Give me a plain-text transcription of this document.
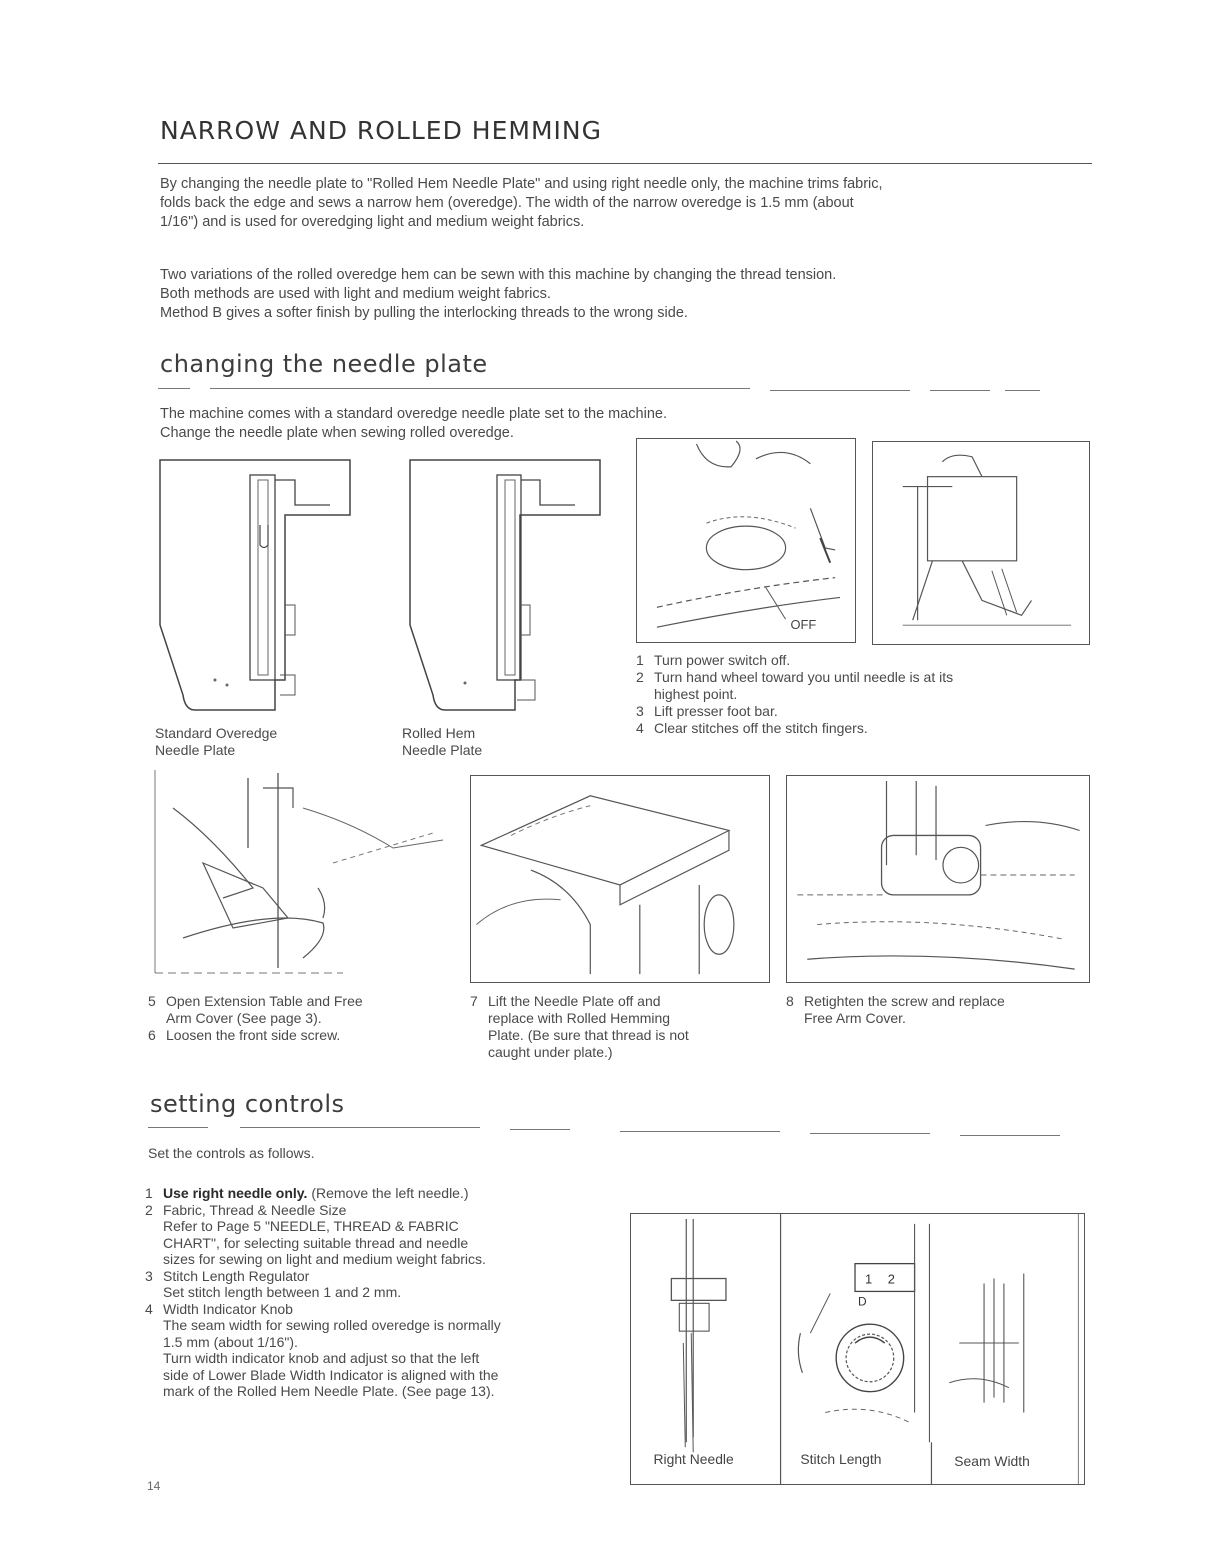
NARROW AND ROLLED HEMMING
By changing the needle plate to "Rolled Hem Needle Plate" and using right needle only, the machine trims fabric,
folds back the edge and sews a narrow hem (overedge). The width of the narrow overedge is 1.5 mm (about
1/16") and is used for overedging light and medium weight fabrics.
Two variations of the rolled overedge hem can be sewn with this machine by changing the thread tension.
Both methods are used with light and medium weight fabrics.
Method B gives a softer finish by pulling the interlocking threads to the wrong side.
changing the needle plate
The machine comes with a standard overedge needle plate set to the machine.
Change the needle plate when sewing rolled overedge.
Standard Overedge
Needle Plate
Rolled Hem
Needle Plate
OFF
1 Turn power switch off.
2 Turn hand wheel toward you until needle is at its
highest point.
3 Lift presser foot bar.
4 Clear stitches off the stitch fingers.
5 Open Extension Table and Free
Arm Cover (See page 3).
6 Loosen the front side screw.
7 Lift the Needle Plate off and
replace with Rolled Hemming
Plate. (Be sure that thread is not
caught under plate.)
8 Retighten the screw and replace
Free Arm Cover.
setting controls
Set the controls as follows.
1 Use right needle only. (Remove the left needle.)
2 Fabric, Thread & Needle Size
Refer to Page 5 "NEEDLE, THREAD & FABRIC
CHART", for selecting suitable thread and needle
sizes for sewing on light and medium weight fabrics.
3 Stitch Length Regulator
Set stitch length between 1 and 2 mm.
4 Width Indicator Knob
The seam width for sewing rolled overedge is normally
1.5 mm (about 1/16").
Turn width indicator knob and adjust so that the left
side of Lower Blade Width Indicator is aligned with the
mark of the Rolled Hem Needle Plate. (See page 13).
1 2
D
Right Needle	Stitch Length	Seam Width
14
